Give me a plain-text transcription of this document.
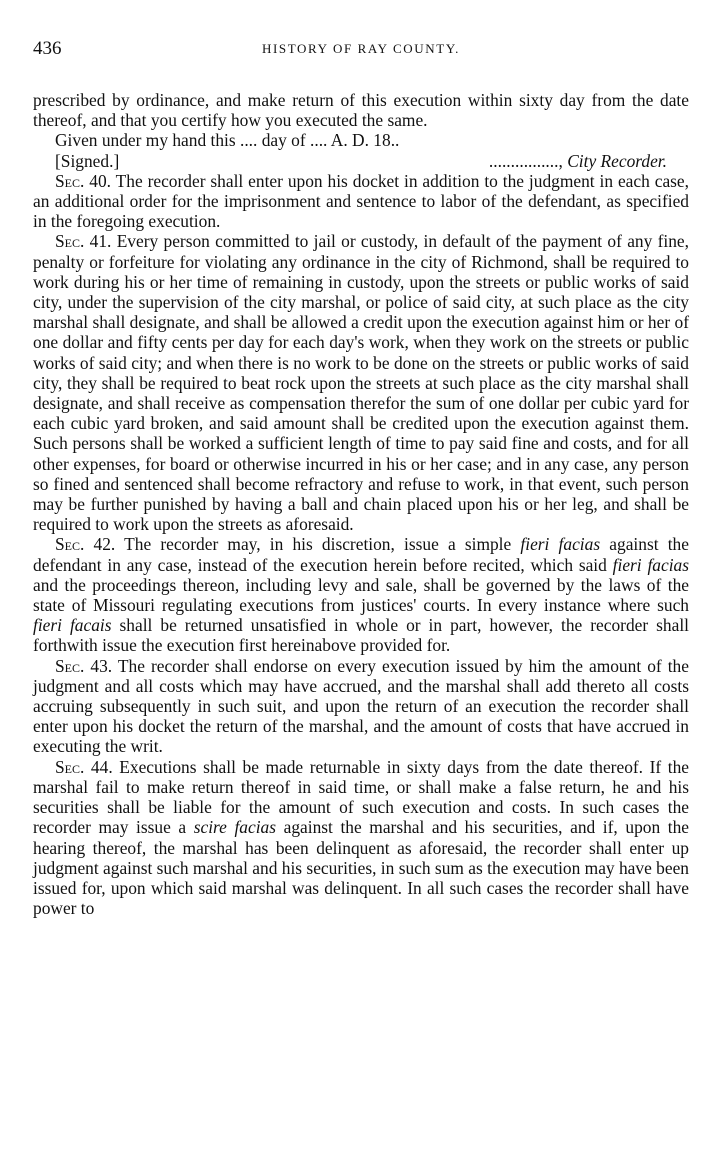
436	HISTORY OF RAY COUNTY.

prescribed by ordinance, and make return of this execution within sixty day from the date thereof, and that you certify how you executed the same.

Given under my hand this .... day of .... A. D. 18..

[Signed.]	................, City Recorder.

Sec. 40. The recorder shall enter upon his docket in addition to the judgment in each case, an additional order for the imprisonment and sentence to labor of the defendant, as specified in the foregoing execution.

Sec. 41. Every person committed to jail or custody, in default of the payment of any fine, penalty or forfeiture for violating any ordinance in the city of Richmond, shall be required to work during his or her time of remaining in custody, upon the streets or public works of said city, under the supervision of the city marshal, or police of said city, at such place as the city marshal shall designate, and shall be allowed a credit upon the execution against him or her of one dollar and fifty cents per day for each day's work, when they work on the streets or public works of said city; and when there is no work to be done on the streets or public works of said city, they shall be required to beat rock upon the streets at such place as the city marshal shall designate, and shall receive as compensation therefor the sum of one dollar per cubic yard for each cubic yard broken, and said amount shall be credited upon the execution against them. Such persons shall be worked a sufficient length of time to pay said fine and costs, and for all other expenses, for board or otherwise incurred in his or her case; and in any case, any person so fined and sentenced shall become refractory and refuse to work, in that event, such person may be further punished by having a ball and chain placed upon his or her leg, and shall be required to work upon the streets as aforesaid.

Sec. 42. The recorder may, in his discretion, issue a simple fieri facias against the defendant in any case, instead of the execution herein before recited, which said fieri facias and the proceedings thereon, including levy and sale, shall be governed by the laws of the state of Missouri regulating executions from justices' courts. In every instance where such fieri facais shall be returned unsatisfied in whole or in part, however, the recorder shall forthwith issue the execution first hereinabove provided for.

Sec. 43. The recorder shall endorse on every execution issued by him the amount of the judgment and all costs which may have accrued, and the marshal shall add thereto all costs accruing subsequently in such suit, and upon the return of an execution the recorder shall enter upon his docket the return of the marshal, and the amount of costs that have accrued in executing the writ.

Sec. 44. Executions shall be made returnable in sixty days from the date thereof. If the marshal fail to make return thereof in said time, or shall make a false return, he and his securities shall be liable for the amount of such execution and costs. In such cases the recorder may issue a scire facias against the marshal and his securities, and if, upon the hearing thereof, the marshal has been delinquent as aforesaid, the recorder shall enter up judgment against such marshal and his securities, in such sum as the execution may have been issued for, upon which said marshal was delinquent. In all such cases the recorder shall have power to
